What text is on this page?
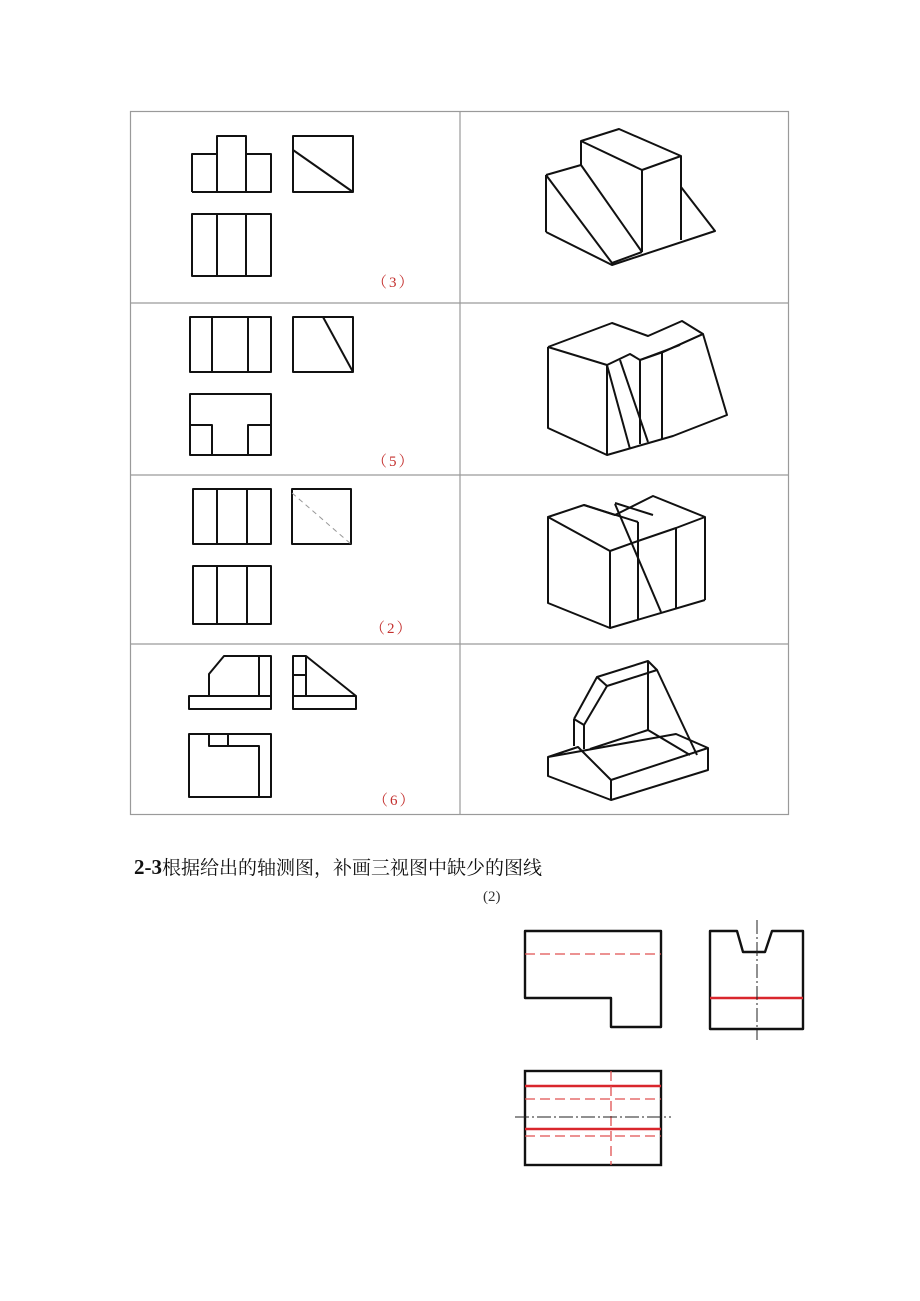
（3）
（5）
（2）
（6）
2-3根据给出的轴测图，补画三视图中缺少的图线
(2)
